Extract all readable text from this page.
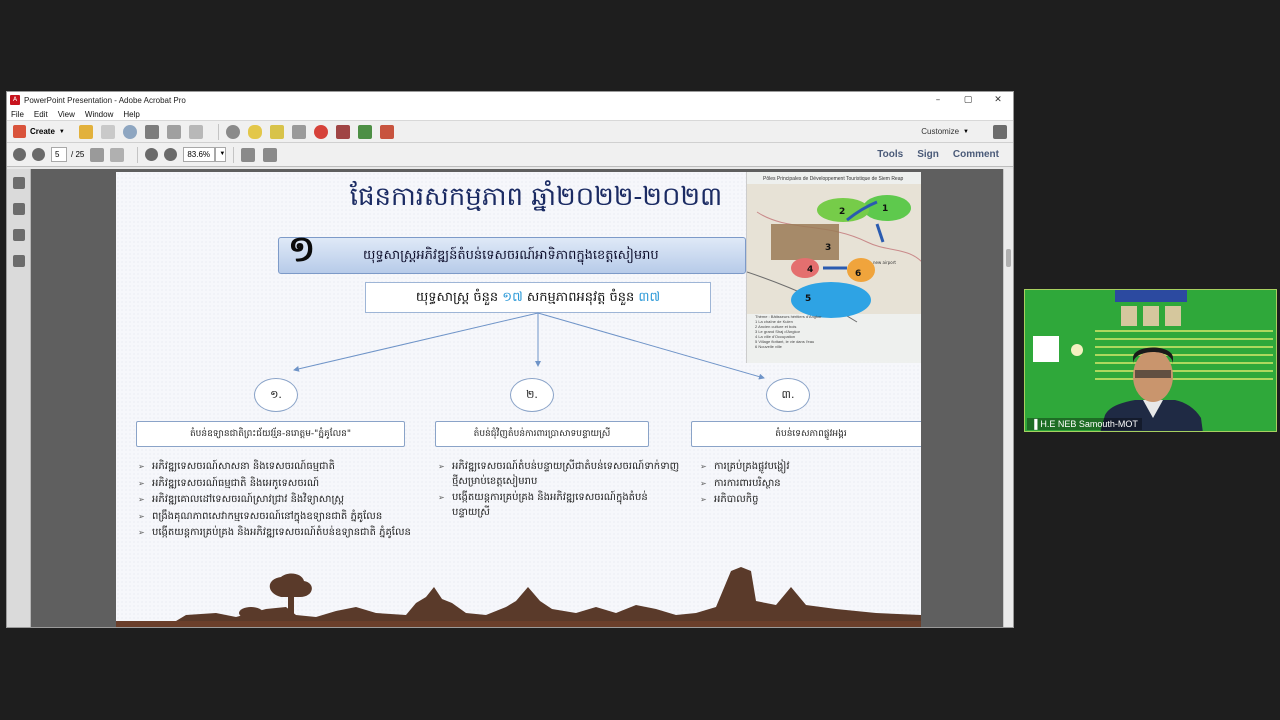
A PowerPoint Presentation - Adobe Acrobat Pro	–	▢	✕
File Edit View Window Help
Create ▼	Customize ▼
5	/ 25	83.6%	▼	Tools Sign Comment
ផែនការសកម្មភាព ឆ្នាំ២០២២-២០២៣
យុទ្ធសាស្ត្រអភិវឌ្ឍន៍តំបន់ទេសចរណ៍អាទិភាពក្នុងខេត្តសៀមរាប
១
យុទ្ធសាស្ត្រ ចំនួន ១៧ សកម្មភាពអនុវត្ត ចំនួន ៣៧
១.	២.	៣.
តំបន់ឧទ្យានជាតិព្រះជ័យវរ្ម័ន-នរោត្តម-"ភ្នំគូលែន"	តំបន់ជុំវិញតំបន់ការពារប្រាសាទបន្ទាយស្រី	តំបន់ទេសភាពផ្លូវអង្គរ
➢ អភិវឌ្ឍទេសចរណ៍សាសនា និងទេសចរណ៍ធម្មជាតិ
➢ អភិវឌ្ឍទេសចរណ៍ធម្មជាតិ និងអេកូទេសចរណ៍
➢ អភិវឌ្ឍគោលដៅទេសចរណ៍ស្រាវជ្រាវ និងវិទ្យាសាស្ត្រ
➢ ពង្រឹងគុណភាពសេវាកម្មទេសចរណ៍នៅក្នុងឧទ្យានជាតិ ភ្នំគូលែន
➢ បង្កើតយន្តការគ្រប់គ្រង និងអភិវឌ្ឍទេសចរណ៍តំបន់ឧទ្យានជាតិ ភ្នំគូលែន
➢ អភិវឌ្ឍទេសចរណ៍តំបន់បន្ទាយស្រីជាតំបន់ទេសចរណ៍ទាក់ទាញថ្មីសម្រាប់ខេត្តសៀមរាប
➢ បង្កើតយន្តការគ្រប់គ្រង និងអភិវឌ្ឍទេសចរណ៍ក្នុងតំបន់បន្ទាយស្រី
➢ ការគ្រប់គ្រងផ្លូវបង្ហៀវ
➢ ការការពារបរិស្ថាន
➢ អភិបាលកិច្ច
Pôles Principales de Développement Touristique de Siem Reap
1
2
3
4
5
6
new airport
Thème : Bâtisseurs héritiers d'Angkor
1 La chaîne de Kulen
2 Ancien culture et bois
3 Le grand Shaj d'Angkor
4 La ville d'Occupation
5 Village flottant, le vie dans l'eau
6 Nouvelle ville
▐ H.E NEB Samouth-MOT
